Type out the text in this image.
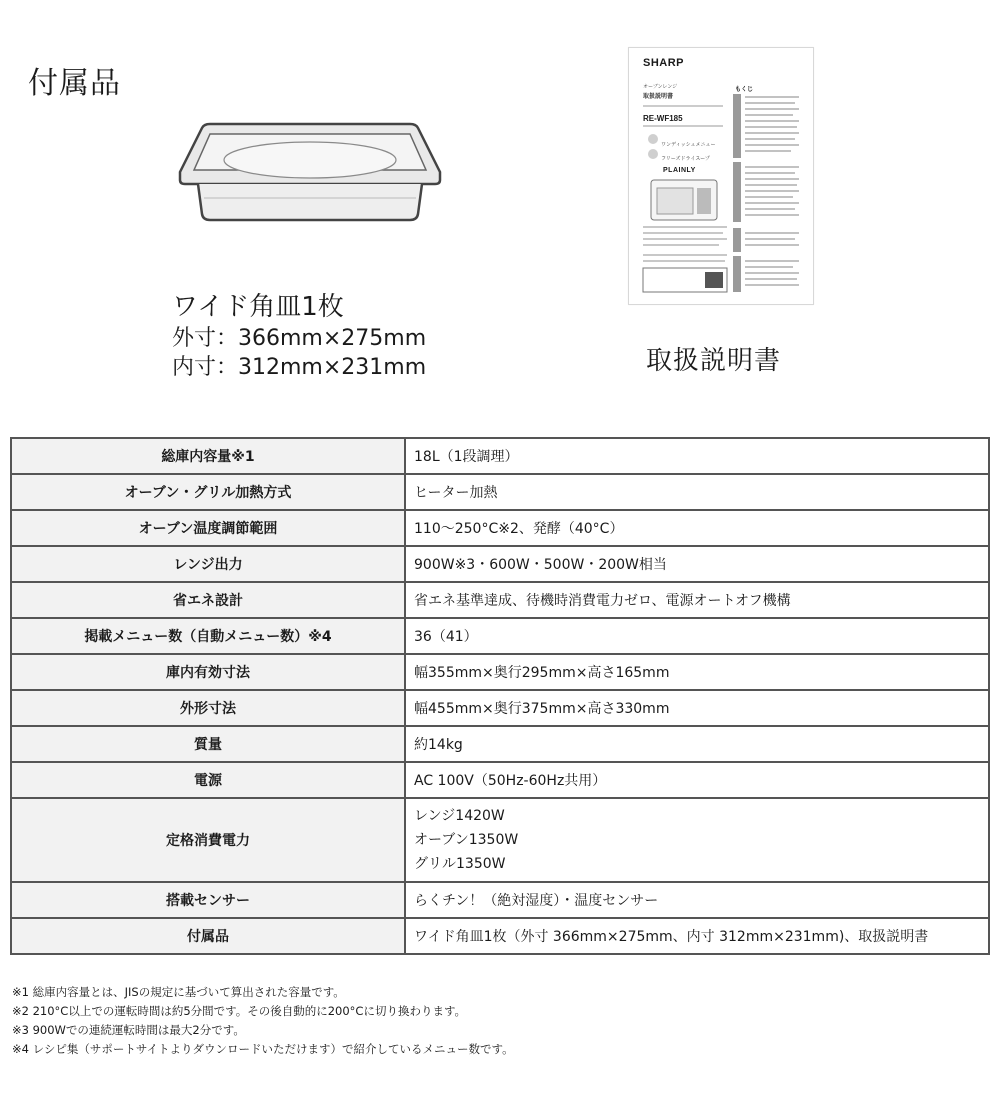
付属品
ワイド角皿1枚
外寸：366mm×275mm
内寸：312mm×231mm
SHARP
オーブンレンジ
取扱説明書
RE-WF185
ワンディッシュメニュー
フリーズドライスープ
PLAINLY
もくじ
取扱説明書
総庫内容量※1	18L（1段調理）
オーブン・グリル加熱方式	ヒーター加熱
オーブン温度調節範囲	110～250°C※2、発酵（40°C）
レンジ出力	900W※3・600W・500W・200W相当
省エネ設計	省エネ基準達成、待機時消費電力ゼロ、電源オートオフ機構
掲載メニュー数（自動メニュー数）※4	36（41）
庫内有効寸法	幅355mm×奥行295mm×高さ165mm
外形寸法	幅455mm×奥行375mm×高さ330mm
質量	約14kg
電源	AC 100V（50Hz-60Hz共用）
定格消費電力	レンジ1420W
オーブン1350W
グリル1350W

搭載センサー	らくチン！（絶対湿度）・温度センサー
付属品	ワイド角皿1枚（外寸 366mm×275mm、内寸 312mm×231mm)、取扱説明書
※1 総庫内容量とは、JISの規定に基づいて算出された容量です。
※2 210°C以上での運転時間は約5分間です。その後自動的に200°Cに切り換わります。
※3 900Wでの連続運転時間は最大2分です。
※4 レシピ集（サポートサイトよりダウンロードいただけます）で紹介しているメニュー数です。
